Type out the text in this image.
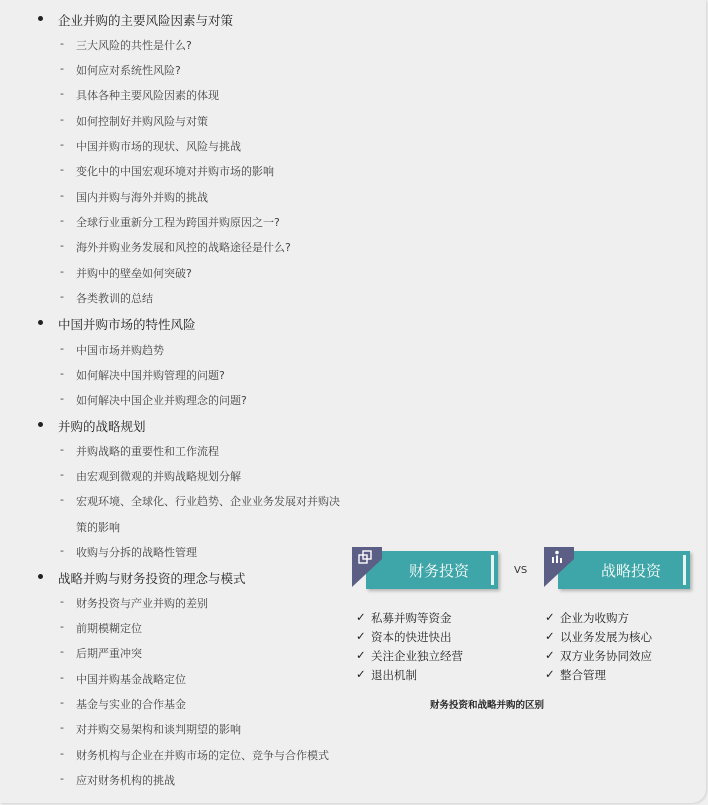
企业并购的主要风险因素与对策
- 三大风险的共性是什么?
- 如何应对系统性风险?
- 具体各种主要风险因素的体现
- 如何控制好并购风险与对策
- 中国并购市场的现状、风险与挑战
- 变化中的中国宏观环境对并购市场的影响
- 国内并购与海外并购的挑战
- 全球行业重新分工程为跨国并购原因之一?
- 海外并购业务发展和风控的战略途径是什么?
- 并购中的壁垒如何突破?
- 各类教训的总结
中国并购市场的特性风险
- 中国市场并购趋势
- 如何解决中国并购管理的问题?
- 如何解决中国企业并购理念的问题?
并购的战略规划
- 并购战略的重要性和工作流程
- 由宏观到微观的并购战略规划分解
- 宏观环境、全球化、行业趋势、企业业务发展对并购决
策的影响
- 收购与分拆的战略性管理
战略并购与财务投资的理念与模式
- 财务投资与产业并购的差别
- 前期模糊定位
- 后期严重冲突
- 中国并购基金战略定位
- 基金与实业的合作基金
- 对并购交易架构和谈判期望的影响
- 财务机构与企业在并购市场的定位、竞争与合作模式
- 应对财务机构的挑战
财务投资	VS	战略投资
✓ 私募并购等资金
✓ 资本的快进快出
✓ 关注企业独立经营
✓ 退出机制
✓ 企业为收购方
✓ 以业务发展为核心
✓ 双方业务协同效应
✓ 整合管理
财务投资和战略并购的区别
